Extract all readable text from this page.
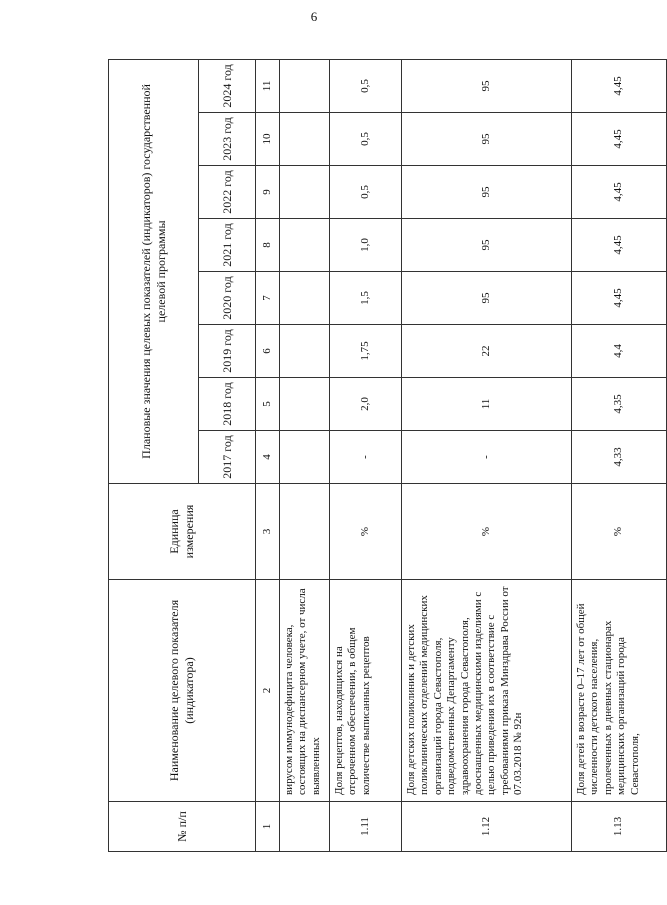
6
№ п/п	Наименование целевого показателя (индикатора)	Единица измерения	Плановые значения целевых показателей (индикаторов) государственной целевой программы							
			2017 год	2018 год	2019 год	2020 год	2021 год	2022 год	2023 год	2024 год
1	2	3	4	5	6	7	8	9	10	11
	вирусом иммунодефицита человека, состоящих на диспансерном учете, от числа выявленных									
1.11	Доля рецептов, находящихся на отсроченном обеспечении, в общем количестве выписанных рецептов	%	-	2,0	1,75	1,5	1,0	0,5	0,5	0,5
1.12	Доля детских поликлиник и детских поликлинических отделений медицинских организаций города Севастополя, подведомственных Департаменту здравоохранения города Севастополя, дооснащенных медицинскими изделиями с целью приведения их в соответствие с требованиями приказа Минздрава России от 07.03.2018 № 92н	%	-	11	22	95	95	95	95	95
1.13	Доля детей в возрасте 0–17 лет от общей численности детского населения, пролеченных в дневных стационарах медицинских организаций города Севастополя,	%	4,33	4,35	4,4	4,45	4,45	4,45	4,45	4,45
